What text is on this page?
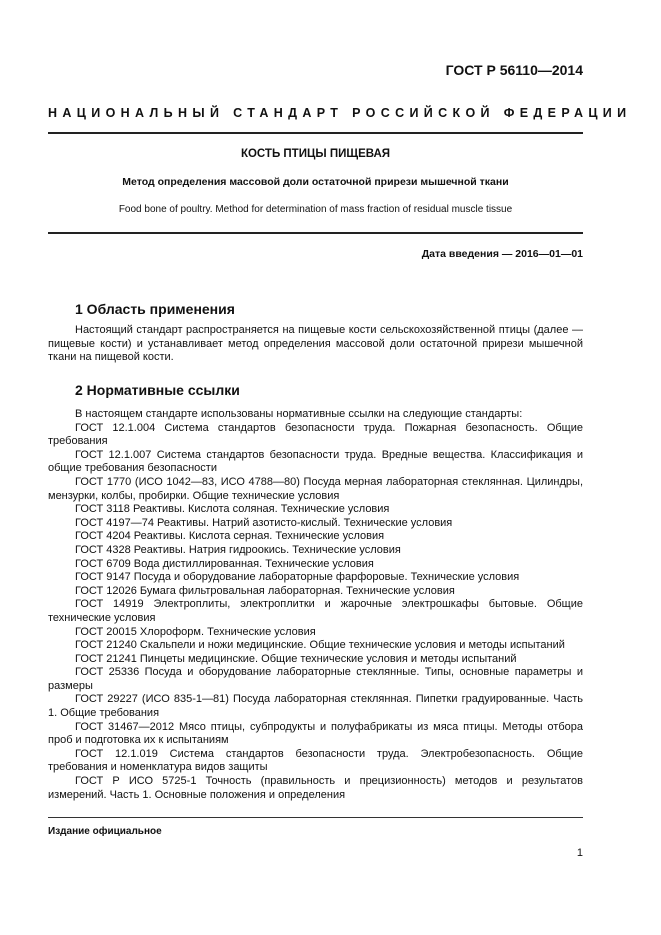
ГОСТ Р 56110—2014
НАЦИОНАЛЬНЫЙ СТАНДАРТ РОССИЙСКОЙ ФЕДЕРАЦИИ
КОСТЬ ПТИЦЫ ПИЩЕВАЯ
Метод определения массовой доли остаточной прирези мышечной ткани
Food bone of poultry. Method for determination of mass fraction of residual muscle tissue
Дата введения — 2016—01—01
1 Область применения

Настоящий стандарт распространяется на пищевые кости сельскохозяйственной птицы (далее — пищевые кости) и устанавливает метод определения массовой доли остаточной прирези мышечной ткани на пищевой кости.

2 Нормативные ссылки

В настоящем стандарте использованы нормативные ссылки на следующие стандарты:

ГОСТ 12.1.004 Система стандартов безопасности труда. Пожарная безопасность. Общие требования

ГОСТ 12.1.007 Система стандартов безопасности труда. Вредные вещества. Классификация и общие требования безопасности

ГОСТ 1770 (ИСО 1042—83, ИСО 4788—80) Посуда мерная лабораторная стеклянная. Цилиндры, мензурки, колбы, пробирки. Общие технические условия

ГОСТ 3118 Реактивы. Кислота соляная. Технические условия

ГОСТ 4197—74 Реактивы. Натрий азотисто-кислый. Технические условия

ГОСТ 4204 Реактивы. Кислота серная. Технические условия

ГОСТ 4328 Реактивы. Натрия гидроокись. Технические условия

ГОСТ 6709 Вода дистиллированная. Технические условия

ГОСТ 9147 Посуда и оборудование лабораторные фарфоровые. Технические условия

ГОСТ 12026 Бумага фильтровальная лабораторная. Технические условия

ГОСТ 14919 Электроплиты, электроплитки и жарочные электрошкафы бытовые. Общие технические условия

ГОСТ 20015 Хлороформ. Технические условия

ГОСТ 21240 Скальпели и ножи медицинские. Общие технические условия и методы испытаний

ГОСТ 21241 Пинцеты медицинские. Общие технические условия и методы испытаний

ГОСТ 25336 Посуда и оборудование лабораторные стеклянные. Типы, основные параметры и размеры

ГОСТ 29227 (ИСО 835-1—81) Посуда лабораторная стеклянная. Пипетки градуированные. Часть 1. Общие требования

ГОСТ 31467—2012 Мясо птицы, субпродукты и полуфабрикаты из мяса птицы. Методы отбора проб и подготовка их к испытаниям

ГОСТ 12.1.019 Система стандартов безопасности труда. Электробезопасность. Общие требования и номенклатура видов защиты

ГОСТ Р ИСО 5725-1 Точность (правильность и прецизионность) методов и результатов измерений. Часть 1. Основные положения и определения

Издание официальное
1
